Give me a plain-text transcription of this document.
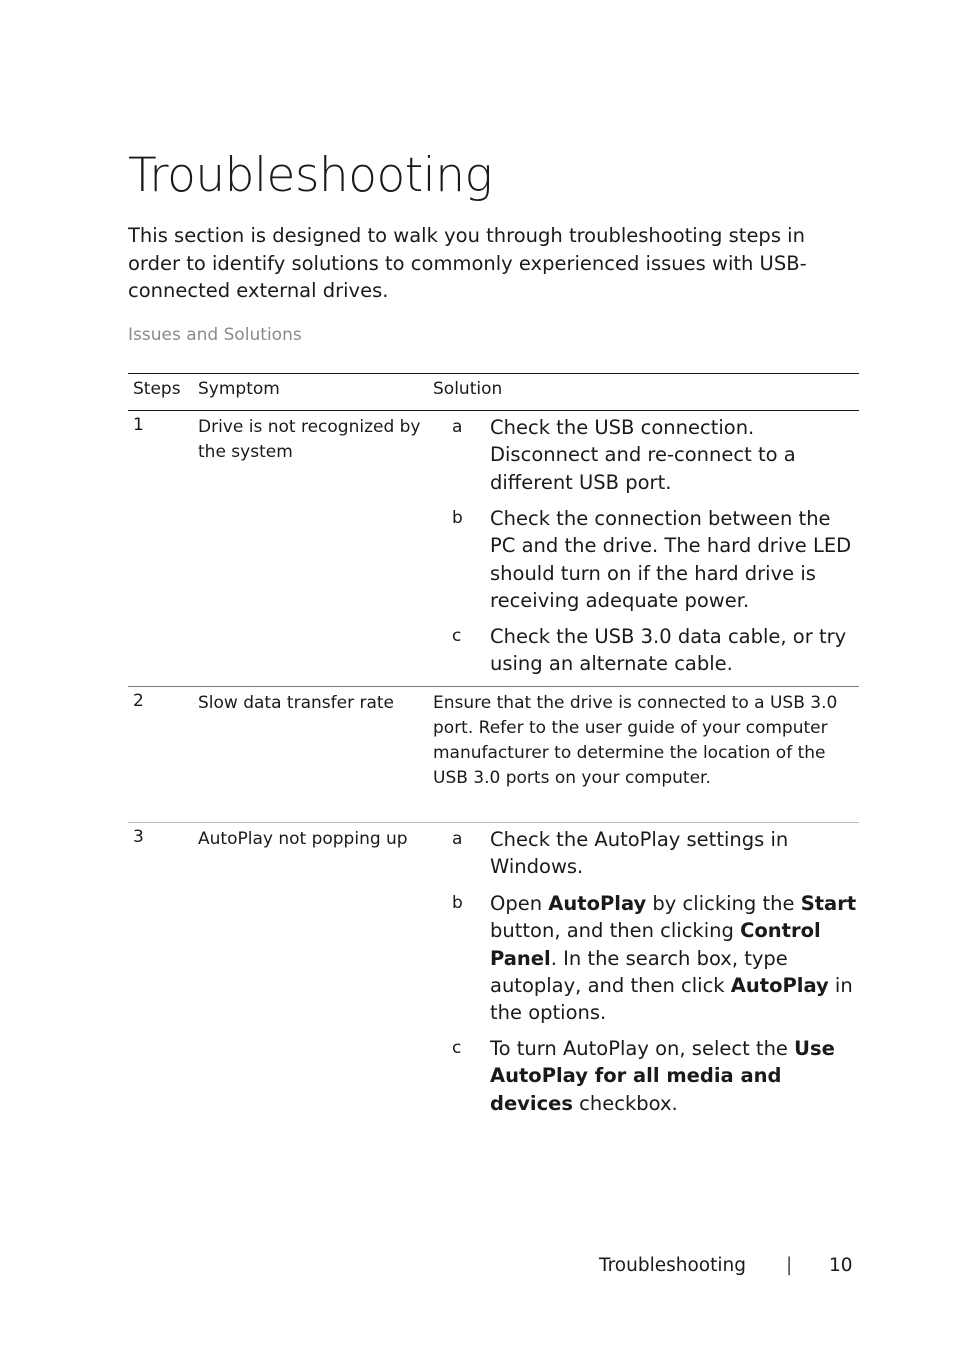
Troubleshooting

This section is designed to walk you through troubleshooting steps in order to identify solutions to commonly experienced issues with USB-connected external drives.

Issues and Solutions

Steps Symptom	Solution
1	Drive is not recognized by the system
a Check the USB connection. Disconnect and re-connect to a different USB port.
b Check the connection between the PC and the drive. The hard drive LED should turn on if the hard drive is receiving adequate power.
c Check the USB 3.0 data cable, or try using an alternate cable.
2	Slow data transfer rate	Ensure that the drive is connected to a USB 3.0 port. Refer to the user guide of your computer manufacturer to determine the location of the USB 3.0 ports on your computer.
3	AutoPlay not popping up	a Check the AutoPlay settings in Windows.
b Open AutoPlay by clicking the Start button, and then clicking Control Panel. In the search box, type autoplay, and then click AutoPlay in the options.
c To turn AutoPlay on, select the Use AutoPlay for all media and devices checkbox.
Troubleshooting | 10
